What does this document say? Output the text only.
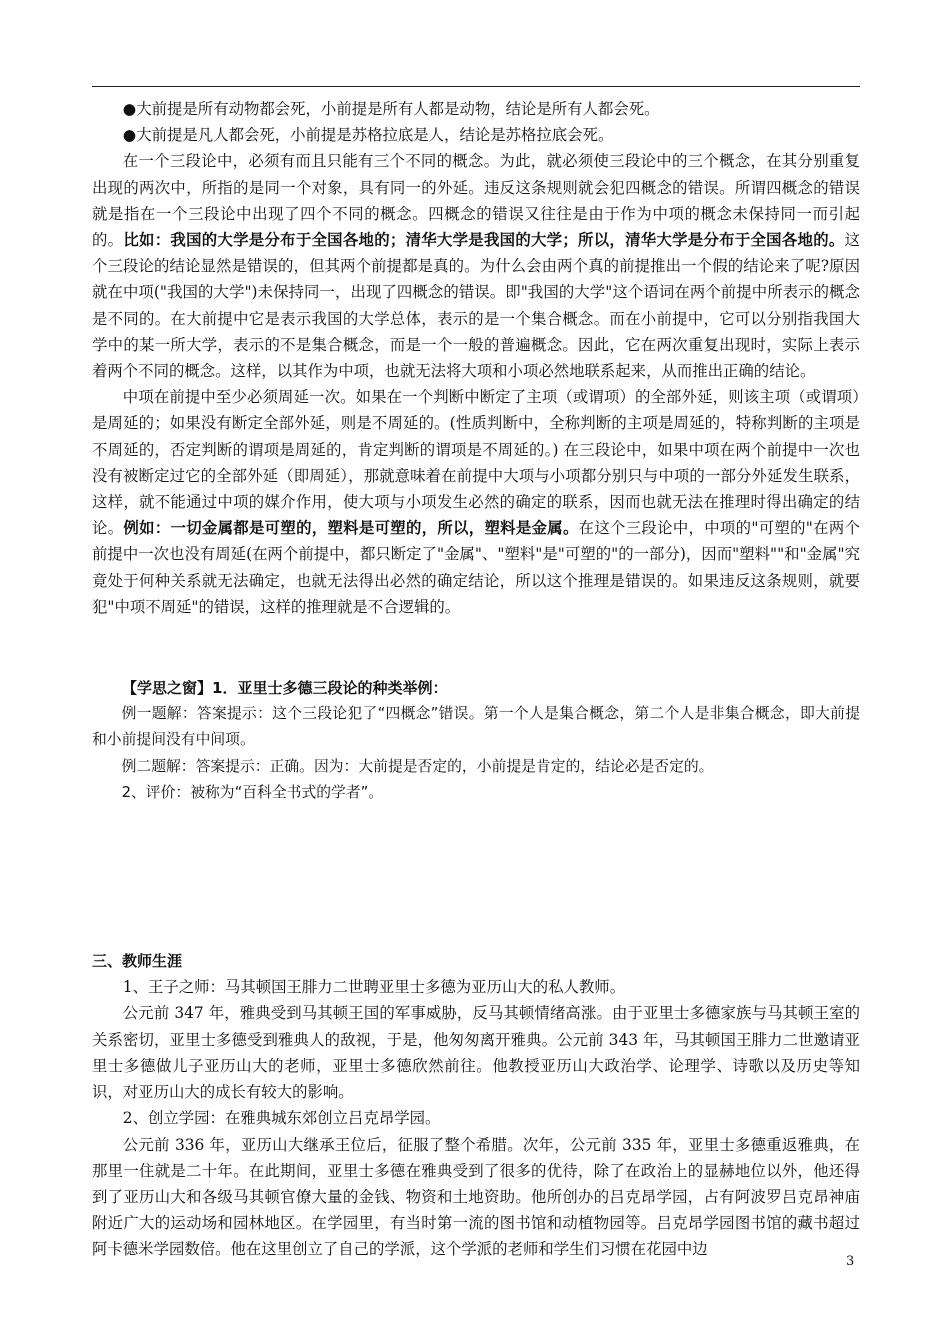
●大前提是所有动物都会死，小前提是所有人都是动物，结论是所有人都会死。

●大前提是凡人都会死，小前提是苏格拉底是人，结论是苏格拉底会死。

在一个三段论中，必须有而且只能有三个不同的概念。为此，就必须使三段论中的三个概念，在其分别重复出现的两次中，所指的是同一个对象，具有同一的外延。违反这条规则就会犯四概念的错误。所谓四概念的错误就是指在一个三段论中出现了四个不同的概念。四概念的错误又往往是由于作为中项的概念未保持同一而引起的。比如：我国的大学是分布于全国各地的；清华大学是我国的大学；所以，清华大学是分布于全国各地的。这个三段论的结论显然是错误的，但其两个前提都是真的。为什么会由两个真的前提推出一个假的结论来了呢?原因就在中项("我国的大学")未保持同一，出现了四概念的错误。即"我国的大学"这个语词在两个前提中所表示的概念是不同的。在大前提中它是表示我国的大学总体，表示的是一个集合概念。而在小前提中，它可以分别指我国大学中的某一所大学，表示的不是集合概念，而是一个一般的普遍概念。因此，它在两次重复出现时，实际上表示着两个不同的概念。这样，以其作为中项，也就无法将大项和小项必然地联系起来，从而推出正确的结论。

中项在前提中至少必须周延一次。如果在一个判断中断定了主项（或谓项）的全部外延，则该主项（或谓项）是周延的；如果没有断定全部外延，则是不周延的。(性质判断中，全称判断的主项是周延的，特称判断的主项是不周延的，否定判断的谓项是周延的，肯定判断的谓项是不周延的。) 在三段论中，如果中项在两个前提中一次也没有被断定过它的全部外延（即周延），那就意味着在前提中大项与小项都分别只与中项的一部分外延发生联系，这样，就不能通过中项的媒介作用，使大项与小项发生必然的确定的联系，因而也就无法在推理时得出确定的结论。例如：一切金属都是可塑的，塑料是可塑的，所以，塑料是金属。在这个三段论中，中项的"可塑的"在两个前提中一次也没有周延(在两个前提中，都只断定了"金属"、"塑料"是"可塑的"的一部分)，因而"塑料""和"金属"究竟处于何种关系就无法确定，也就无法得出必然的确定结论，所以这个推理是错误的。如果违反这条规则，就要犯"中项不周延"的错误，这样的推理就是不合逻辑的。

【学思之窗】1．亚里士多德三段论的种类举例：

例一题解：答案提示：这个三段论犯了“四概念”错误。第一个人是集合概念，第二个人是非集合概念，即大前提和小前提间没有中间项。

例二题解：答案提示：正确。因为：大前提是否定的，小前提是肯定的，结论必是否定的。

2、评价：被称为“百科全书式的学者”。

三、教师生涯

1、王子之师：马其顿国王腓力二世聘亚里士多德为亚历山大的私人教师。

公元前 347 年，雅典受到马其顿王国的军事威胁，反马其顿情绪高涨。由于亚里士多德家族与马其顿王室的关系密切，亚里士多德受到雅典人的敌视，于是，他匆匆离开雅典。公元前 343 年，马其顿国王腓力二世邀请亚里士多德做儿子亚历山大的老师，亚里士多德欣然前往。他教授亚历山大政治学、论理学、诗歌以及历史等知识，对亚历山大的成长有较大的影响。

2、创立学园：在雅典城东郊创立吕克昂学园。

公元前 336 年，亚历山大继承王位后，征服了整个希腊。次年，公元前 335 年，亚里士多德重返雅典，在那里一住就是二十年。在此期间，亚里士多德在雅典受到了很多的优待，除了在政治上的显赫地位以外，他还得到了亚历山大和各级马其顿官僚大量的金钱、物资和土地资助。他所创办的吕克昂学园，占有阿波罗吕克昂神庙附近广大的运动场和园林地区。在学园里，有当时第一流的图书馆和动植物园等。吕克昂学园图书馆的藏书超过阿卡德米学园数倍。他在这里创立了自己的学派，这个学派的老师和学生们习惯在花园中边

3
